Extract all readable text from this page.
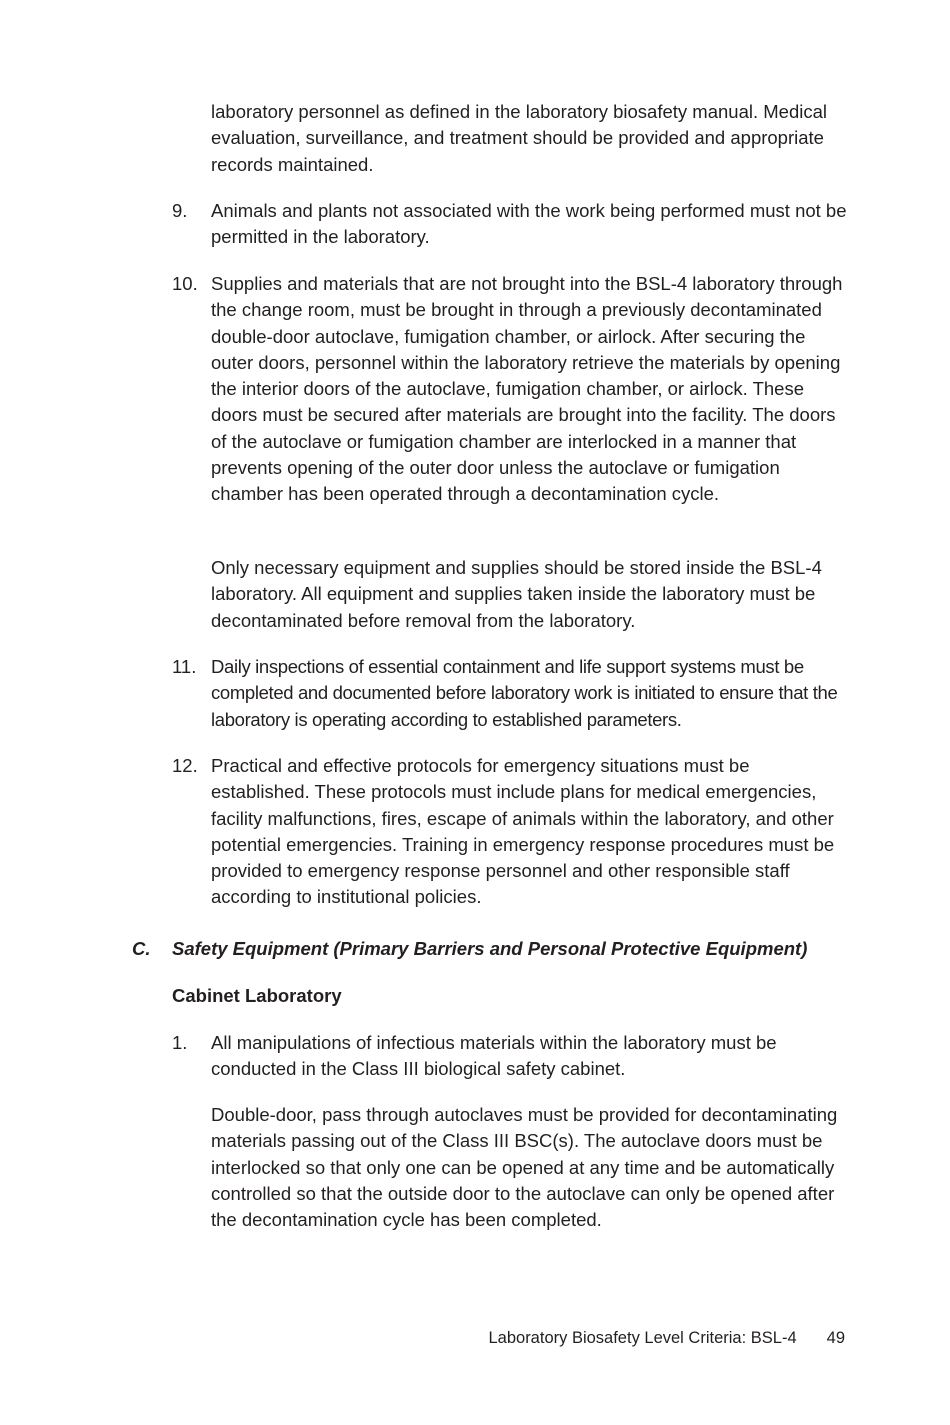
laboratory personnel as defined in the laboratory biosafety manual. Medical evaluation, surveillance, and treatment should be provided and appropriate records maintained.
9.	Animals and plants not associated with the work being performed must not be permitted in the laboratory.
10. Supplies and materials that are not brought into the BSL-4 laboratory through the change room, must be brought in through a previously decontaminated double-door autoclave, fumigation chamber, or airlock. After securing the outer doors, personnel within the laboratory retrieve the materials by opening the interior doors of the autoclave, fumigation chamber, or airlock. These doors must be secured after materials are brought into the facility. The doors of the autoclave or fumigation chamber are interlocked in a manner that prevents opening of the outer door unless the autoclave or fumigation chamber has been operated through a decontamination cycle.
Only necessary equipment and supplies should be stored inside the BSL-4 laboratory. All equipment and supplies taken inside the laboratory must be decontaminated before removal from the laboratory.
11. Daily inspections of essential containment and life support systems must be completed and documented before laboratory work is initiated to ensure that the laboratory is operating according to established parameters.
12. Practical and effective protocols for emergency situations must be established. These protocols must include plans for medical emergencies, facility malfunctions, fires, escape of animals within the laboratory, and other potential emergencies. Training in emergency response procedures must be provided to emergency response personnel and other responsible staff according to institutional policies.
C. Safety Equipment (Primary Barriers and Personal Protective Equipment)
Cabinet Laboratory
1.	All manipulations of infectious materials within the laboratory must be conducted in the Class III biological safety cabinet.
Double-door, pass through autoclaves must be provided for decontaminating materials passing out of the Class III BSC(s). The autoclave doors must be interlocked so that only one can be opened at any time and be automatically controlled so that the outside door to the autoclave can only be opened after the decontamination cycle has been completed.
Laboratory Biosafety Level Criteria: BSL-4 49
